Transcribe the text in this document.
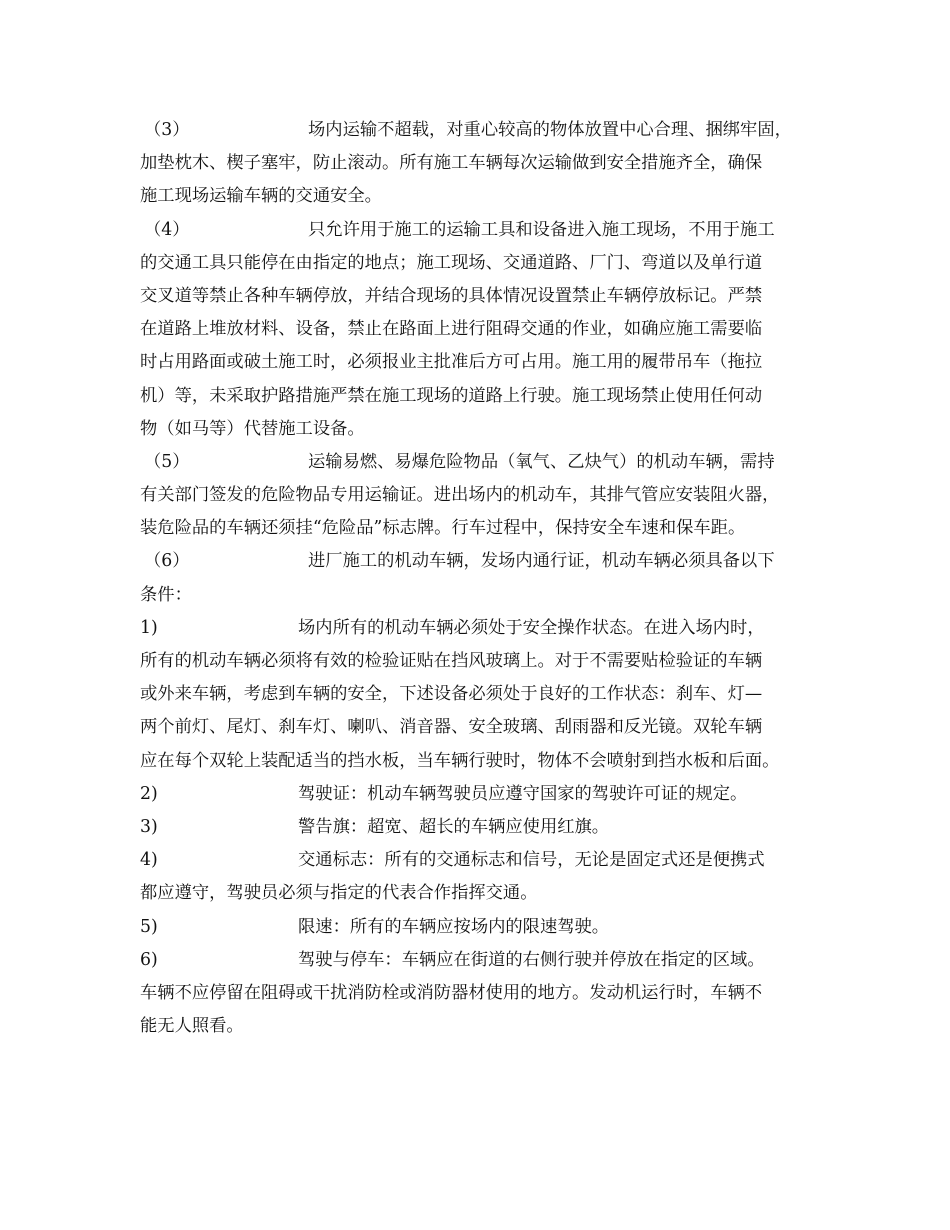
（3）	场内运输不超载，对重心较高的物体放置中心合理、捆绑牢固，
加垫枕木、楔子塞牢，防止滚动。所有施工车辆每次运输做到安全措施齐全，确保
施工现场运输车辆的交通安全。
（4）	只允许用于施工的运输工具和设备进入施工现场，不用于施工
的交通工具只能停在由指定的地点；施工现场、交通道路、厂门、弯道以及单行道
交叉道等禁止各种车辆停放，并结合现场的具体情况设置禁止车辆停放标记。严禁
在道路上堆放材料、设备，禁止在路面上进行阻碍交通的作业，如确应施工需要临
时占用路面或破土施工时，必须报业主批准后方可占用。施工用的履带吊车（拖拉
机）等，未采取护路措施严禁在施工现场的道路上行驶。施工现场禁止使用任何动
物（如马等）代替施工设备。
（5）	运输易燃、易爆危险物品（氧气、乙炔气）的机动车辆，需持
有关部门签发的危险物品专用运输证。进出场内的机动车，其排气管应安装阻火器，
装危险品的车辆还须挂“危险品”标志牌。行车过程中，保持安全车速和保车距。
（6）	进厂施工的机动车辆，发场内通行证，机动车辆必须具备以下
条件：
1)	场内所有的机动车辆必须处于安全操作状态。在进入场内时，
所有的机动车辆必须将有效的检验证贴在挡风玻璃上。对于不需要贴检验证的车辆
或外来车辆，考虑到车辆的安全，下述设备必须处于良好的工作状态：刹车、灯—
两个前灯、尾灯、刹车灯、喇叭、消音器、安全玻璃、刮雨器和反光镜。双轮车辆
应在每个双轮上装配适当的挡水板，当车辆行驶时，物体不会喷射到挡水板和后面。
2)	驾驶证：机动车辆驾驶员应遵守国家的驾驶许可证的规定。
3)	警告旗：超宽、超长的车辆应使用红旗。
4)	交通标志：所有的交通标志和信号，无论是固定式还是便携式
都应遵守，驾驶员必须与指定的代表合作指挥交通。
5)	限速：所有的车辆应按场内的限速驾驶。
6)	驾驶与停车：车辆应在街道的右侧行驶并停放在指定的区域。
车辆不应停留在阻碍或干扰消防栓或消防器材使用的地方。发动机运行时，车辆不
能无人照看。
